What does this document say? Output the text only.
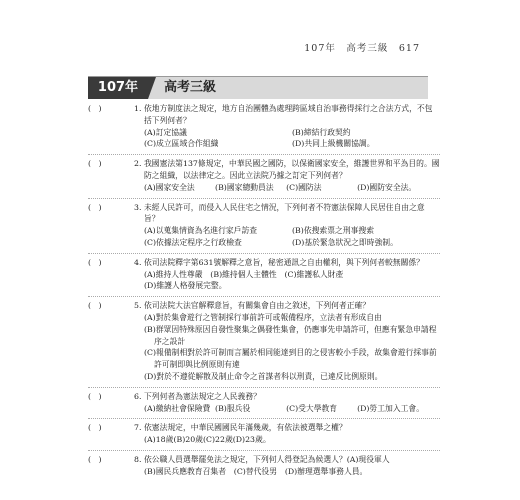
107年　高考三級　617
107年	高考三級
(   )	1. 依地方制度法之規定，地方自治團體為處理跨區域自治事務得採行之合法方式，不包括下列何者？
(A)訂定協議	(B)締結行政契約 (C)成立區域合作組織	(D)共同上級機關協調。
(   )	2. 我國憲法第137條規定，中華民國之國防，以保衛國家安全，維護世界和平為目的。國防之組織，以法律定之。因此立法院乃據之訂定下列何者？
(A)國家安全法	(B)國家總動員法 (C)國防法	(D)國防安全法。
(   )	3. 未經人民許可，而侵入人民住宅之情況，下列何者不符憲法保障人民居住自由之意旨？
(A)以蒐集情資為名進行家戶訪查	(B)依搜索票之刑事搜索 (C)依據法定程序之行政檢查	(D)基於緊急狀況之即時強制。
(   )	4. 依司法院釋字第631號解釋之意旨，秘密通訊之自由權利，與下列何者較無關係？
(A)維持人性尊嚴　 (B)維持個人主體性　 (C)維護私人財產
(D)維護人格發展完整。
(   )	5. 依司法院大法官解釋意旨，有關集會自由之敘述，下列何者正確？
(A)對於集會遊行之管制採行事前許可或報備程序，立法者有形成自由
(B)群眾因特殊原因自發性聚集之偶發性集會，仍應事先申請許可，但應有緊急申請程序之設計
(C)報備制相對於許可制而言屬於相同能達到目的之侵害較小手段，故集會遊行採事前許可制即與比例原則有違
(D)對於不遵從解散及制止命令之首謀者科以刑責，已違反比例原則。
(   )	6. 下列何者為憲法規定之人民義務？
(A)繳納社會保險費 (B)服兵役	(C)受大學教育	(D)勞工加入工會。
(   )	7. 依憲法規定，中華民國國民年滿幾歲，有依法被選舉之權？
(A)18歲(B)20歲(C)22歲(D)23歲。
(   )	8. 依公職人員選舉罷免法之規定，下列何人得登記為候選人？(A)現役軍人
(B)國民兵應教育召集者　 (C)替代役男　 (D)辦理選舉事務人員。
